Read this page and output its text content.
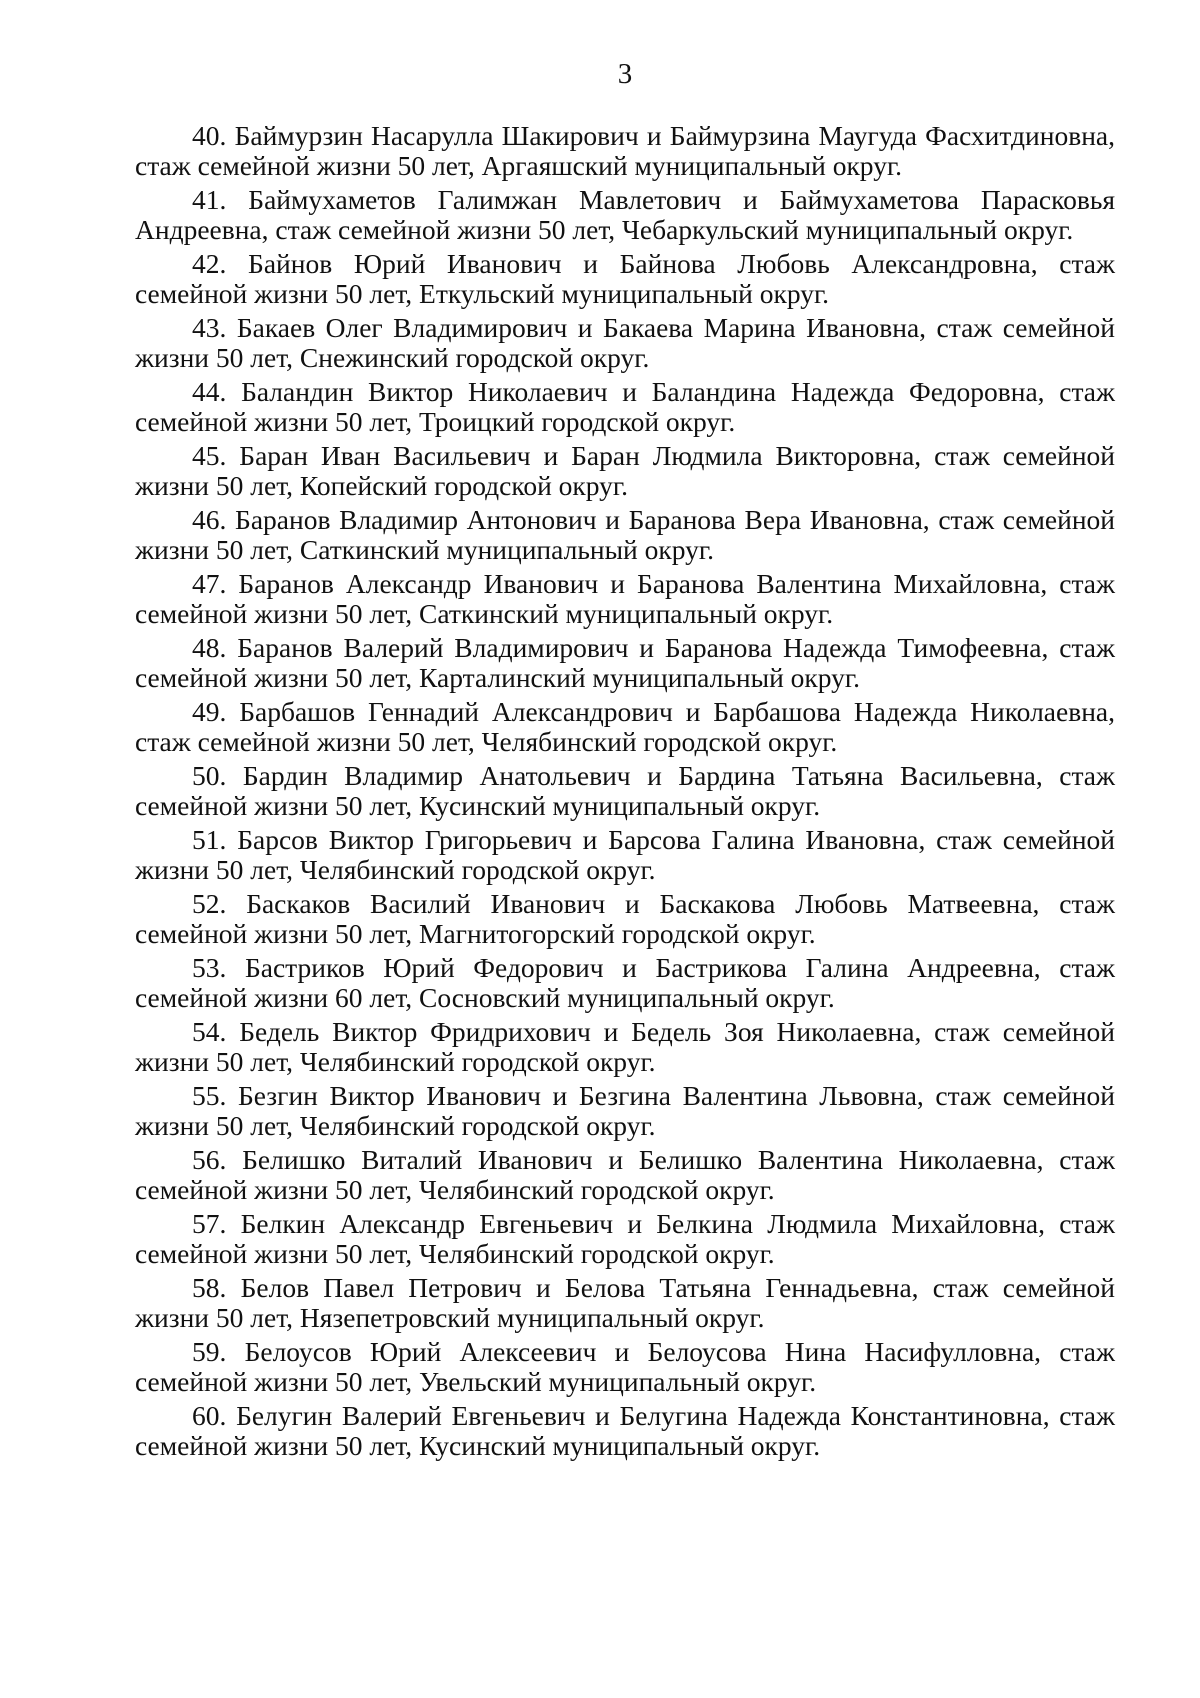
3
40. Баймурзин Насарулла Шакирович и Баймурзина Маугуда Фасхитдиновна, стаж семейной жизни 50 лет, Аргаяшский муниципальный округ.
41. Баймухаметов Галимжан Мавлетович и Баймухаметова Парасковья Андреевна, стаж семейной жизни 50 лет, Чебаркульский муниципальный округ.
42. Байнов Юрий Иванович и Байнова Любовь Александровна, стаж семейной жизни 50 лет, Еткульский муниципальный округ.
43. Бакаев Олег Владимирович и Бакаева Марина Ивановна, стаж семейной жизни 50 лет, Снежинский городской округ.
44. Баландин Виктор Николаевич и Баландина Надежда Федоровна, стаж семейной жизни 50 лет, Троицкий городской округ.
45. Баран Иван Васильевич и Баран Людмила Викторовна, стаж семейной жизни 50 лет, Копейский городской округ.
46. Баранов Владимир Антонович и Баранова Вера Ивановна, стаж семейной жизни 50 лет, Саткинский муниципальный округ.
47. Баранов Александр Иванович и Баранова Валентина Михайловна, стаж семейной жизни 50 лет, Саткинский муниципальный округ.
48. Баранов Валерий Владимирович и Баранова Надежда Тимофеевна, стаж семейной жизни 50 лет, Карталинский муниципальный округ.
49. Барбашов Геннадий Александрович и Барбашова Надежда Николаевна, стаж семейной жизни 50 лет, Челябинский городской округ.
50. Бардин Владимир Анатольевич и Бардина Татьяна Васильевна, стаж семейной жизни 50 лет, Кусинский муниципальный округ.
51. Барсов Виктор Григорьевич и Барсова Галина Ивановна, стаж семейной жизни 50 лет, Челябинский городской округ.
52. Баскаков Василий Иванович и Баскакова Любовь Матвеевна, стаж семейной жизни 50 лет, Магнитогорский городской округ.
53. Бастриков Юрий Федорович и Бастрикова Галина Андреевна, стаж семейной жизни 60 лет, Сосновский муниципальный округ.
54. Бедель Виктор Фридрихович и Бедель Зоя Николаевна, стаж семейной жизни 50 лет, Челябинский городской округ.
55. Безгин Виктор Иванович и Безгина Валентина Львовна, стаж семейной жизни 50 лет, Челябинский городской округ.
56. Белишко Виталий Иванович и Белишко Валентина Николаевна, стаж семейной жизни 50 лет, Челябинский городской округ.
57. Белкин Александр Евгеньевич и Белкина Людмила Михайловна, стаж семейной жизни 50 лет, Челябинский городской округ.
58. Белов Павел Петрович и Белова Татьяна Геннадьевна, стаж семейной жизни 50 лет, Нязепетровский муниципальный округ.
59. Белоусов Юрий Алексеевич и Белоусова Нина Насифулловна, стаж семейной жизни 50 лет, Увельский муниципальный округ.
60. Белугин Валерий Евгеньевич и Белугина Надежда Константиновна, стаж семейной жизни 50 лет, Кусинский муниципальный округ.
